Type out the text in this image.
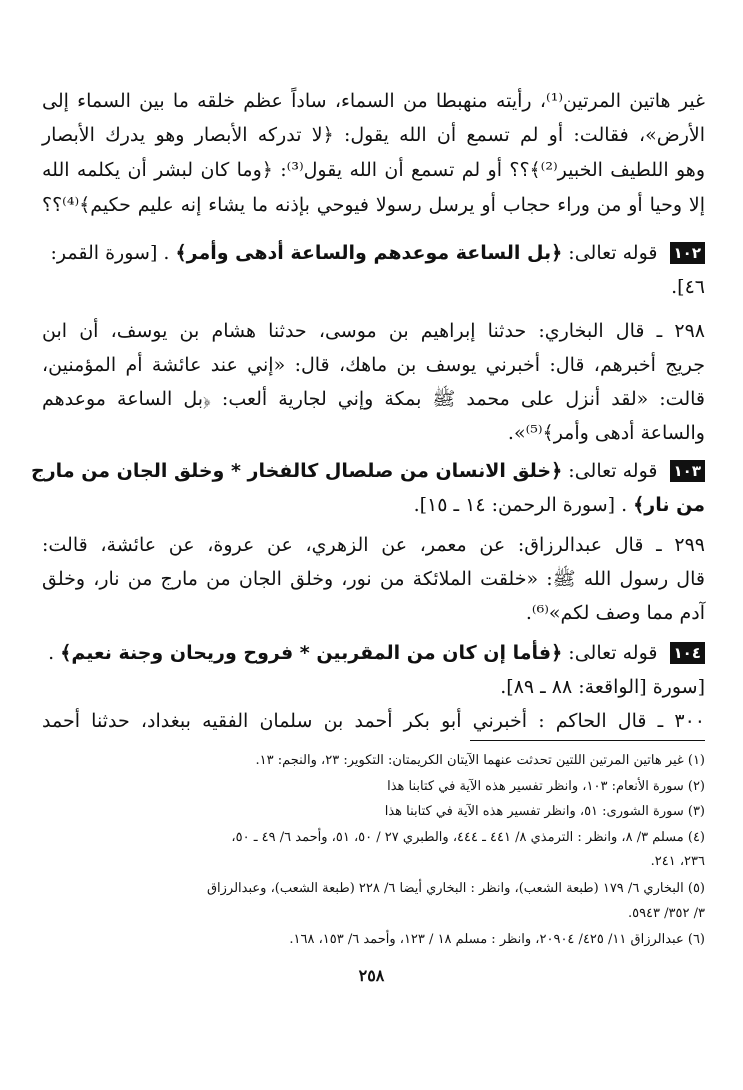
غير هاتين المرتين⁽¹⁾، رأيته منهبطا من السماء، ساداً عظم خلقه ما بين السماء إلى
الأرض»، فقالت: أو لم تسمع أن الله يقول: ﴿لا تدركه الأبصار وهو يدرك الأبصار
وهو اللطيف الخبير⁽²⁾﴾؟؟ أو لم تسمع أن الله يقول⁽³⁾: ﴿وما كان لبشر أن يكلمه الله
إلا وحيا أو من وراء حجاب أو يرسل رسولا فيوحي بإذنه ما يشاء إنه عليم حكيم﴾⁽⁴⁾؟؟
١٠٢ قوله تعالى: ﴿بل الساعة موعدهم والساعة أدهى وأمر﴾ . [سورة القمر:
٤٦].
٢٩٨ ـ قال البخاري: حدثنا إبراهيم بن موسى، حدثنا هشام بن يوسف، أن ابن
جريج أخبرهم، قال: أخبرني يوسف بن ماهك، قال: «إني عند عائشة أم المؤمنين،
قالت: «لقد أنزل على محمد ﷺ بمكة وإني لجارية ألعب: ﴿بل الساعة موعدهم
والساعة أدهى وأمر﴾⁽⁵⁾».
١٠٣ قوله تعالى: ﴿خلق الانسان من صلصال كالفخار * وخلق الجان من مارج
من نار﴾ . [سورة الرحمن: ١٤ ـ ١٥].
٢٩٩ ـ قال عبدالرزاق: عن معمر، عن الزهري، عن عروة، عن عائشة، قالت:
قال رسول الله ﷺ: «خلقت الملائكة من نور، وخلق الجان من مارج من نار، وخلق
آدم مما وصف لكم»⁽⁶⁾.
١٠٤ قوله تعالى: ﴿فأما إن كان من المقربين * فروح وريحان وجنة نعيم﴾ .
[سورة [الواقعة: ٨٨ ـ ٨٩].
٣٠٠ ـ قال الحاكم : أخبرني أبو بكر أحمد بن سلمان الفقيه ببغداد، حدثنا أحمد
(١) غير هاتين المرتين اللتين تحدثت عنهما الآيتان الكريمتان: التكوير: ٢٣، والنجم: ١٣.
(٢) سورة الأنعام: ١٠٣، وانظر تفسير هذه الآية في كتابنا هذا
(٣) سورة الشورى: ٥١، وانظر تفسير هذه الآية في كتابنا هذا
(٤) مسلم ٣/ ٨، وانظر : الترمذي ٨/ ٤٤١ ـ ٤٤٤، والطبري ٢٧ / ٥٠، ٥١، وأحمد ٦/ ٤٩ ـ ٥٠،
٢٣٦، ٢٤١.
(٥) البخاري ٦/ ١٧٩ (طبعة الشعب)، وانظر : البخاري أيضا ٦/ ٢٢٨ (طبعة الشعب)، وعبدالرزاق
٣/ ٣٥٢/ ٥٩٤٣.
(٦) عبدالرزاق ١١/ ٤٢٥/ ٢٠٩٠٤، وانظر : مسلم ١٨ / ١٢٣، وأحمد ٦/ ١٥٣، ١٦٨.
٢٥٨
